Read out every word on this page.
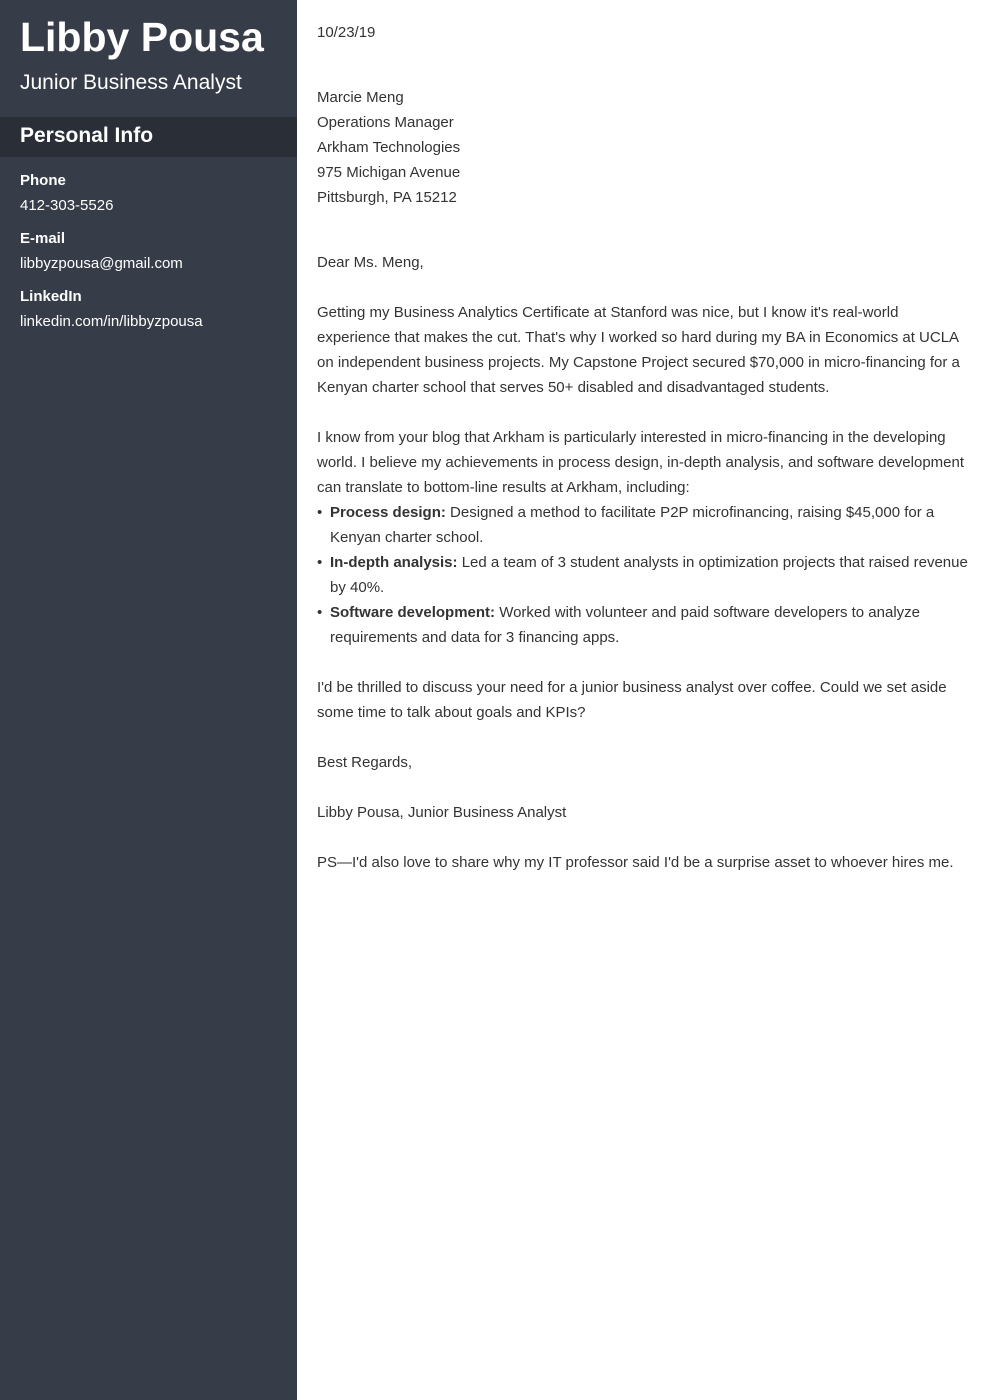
Libby Pousa
Junior Business Analyst
Personal Info
Phone
412-303-5526
E-mail
libbyzpousa@gmail.com
LinkedIn
linkedin.com/in/libbyzpousa

10/23/19

Marcie Meng

Operations Manager

Arkham Technologies

975 Michigan Avenue

Pittsburgh, PA 15212

Dear Ms. Meng,

Getting my Business Analytics Certificate at Stanford was nice, but I know it's real-world experience that makes the cut. That's why I worked so hard during my BA in Economics at UCLA on independent business projects. My Capstone Project secured $70,000 in micro-financing for a Kenyan charter school that serves 50+ disabled and disadvantaged students.

I know from your blog that Arkham is particularly interested in micro-financing in the developing world. I believe my achievements in process design, in-depth analysis, and software development can translate to bottom-line results at Arkham, including:

• Process design: Designed a method to facilitate P2P microfinancing, raising $45,000 for a Kenyan charter school.
• In-depth analysis: Led a team of 3 student analysts in optimization projects that raised revenue by 40%.
• Software development: Worked with volunteer and paid software developers to analyze requirements and data for 3 financing apps.

I'd be thrilled to discuss your need for a junior business analyst over coffee. Could we set aside some time to talk about goals and KPIs?

Best Regards,

Libby Pousa, Junior Business Analyst

PS—I'd also love to share why my IT professor said I'd be a surprise asset to whoever hires me.
